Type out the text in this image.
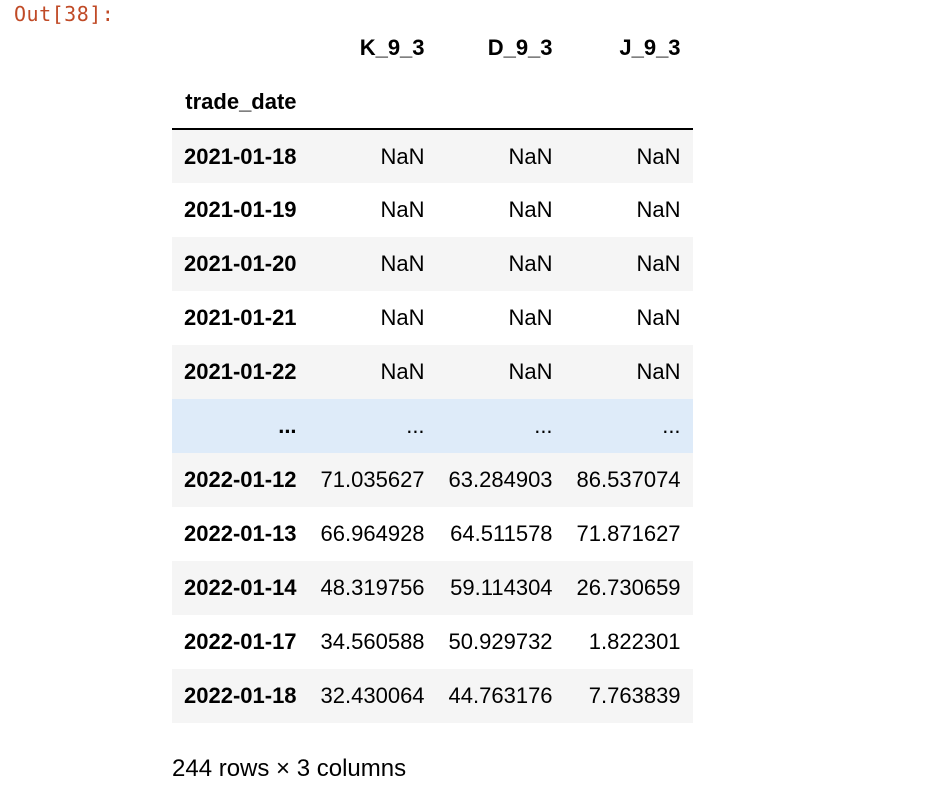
Out[38]:
	K_9_3	D_9_3	J_9_3
trade_date			
2021-01-18	NaN	NaN	NaN
2021-01-19	NaN	NaN	NaN
2021-01-20	NaN	NaN	NaN
2021-01-21	NaN	NaN	NaN
2021-01-22	NaN	NaN	NaN
...	...	...	...
2022-01-12	71.035627	63.284903	86.537074
2022-01-13	66.964928	64.511578	71.871627
2022-01-14	48.319756	59.114304	26.730659
2022-01-17	34.560588	50.929732	1.822301
2022-01-18	32.430064	44.763176	7.763839
244 rows × 3 columns
